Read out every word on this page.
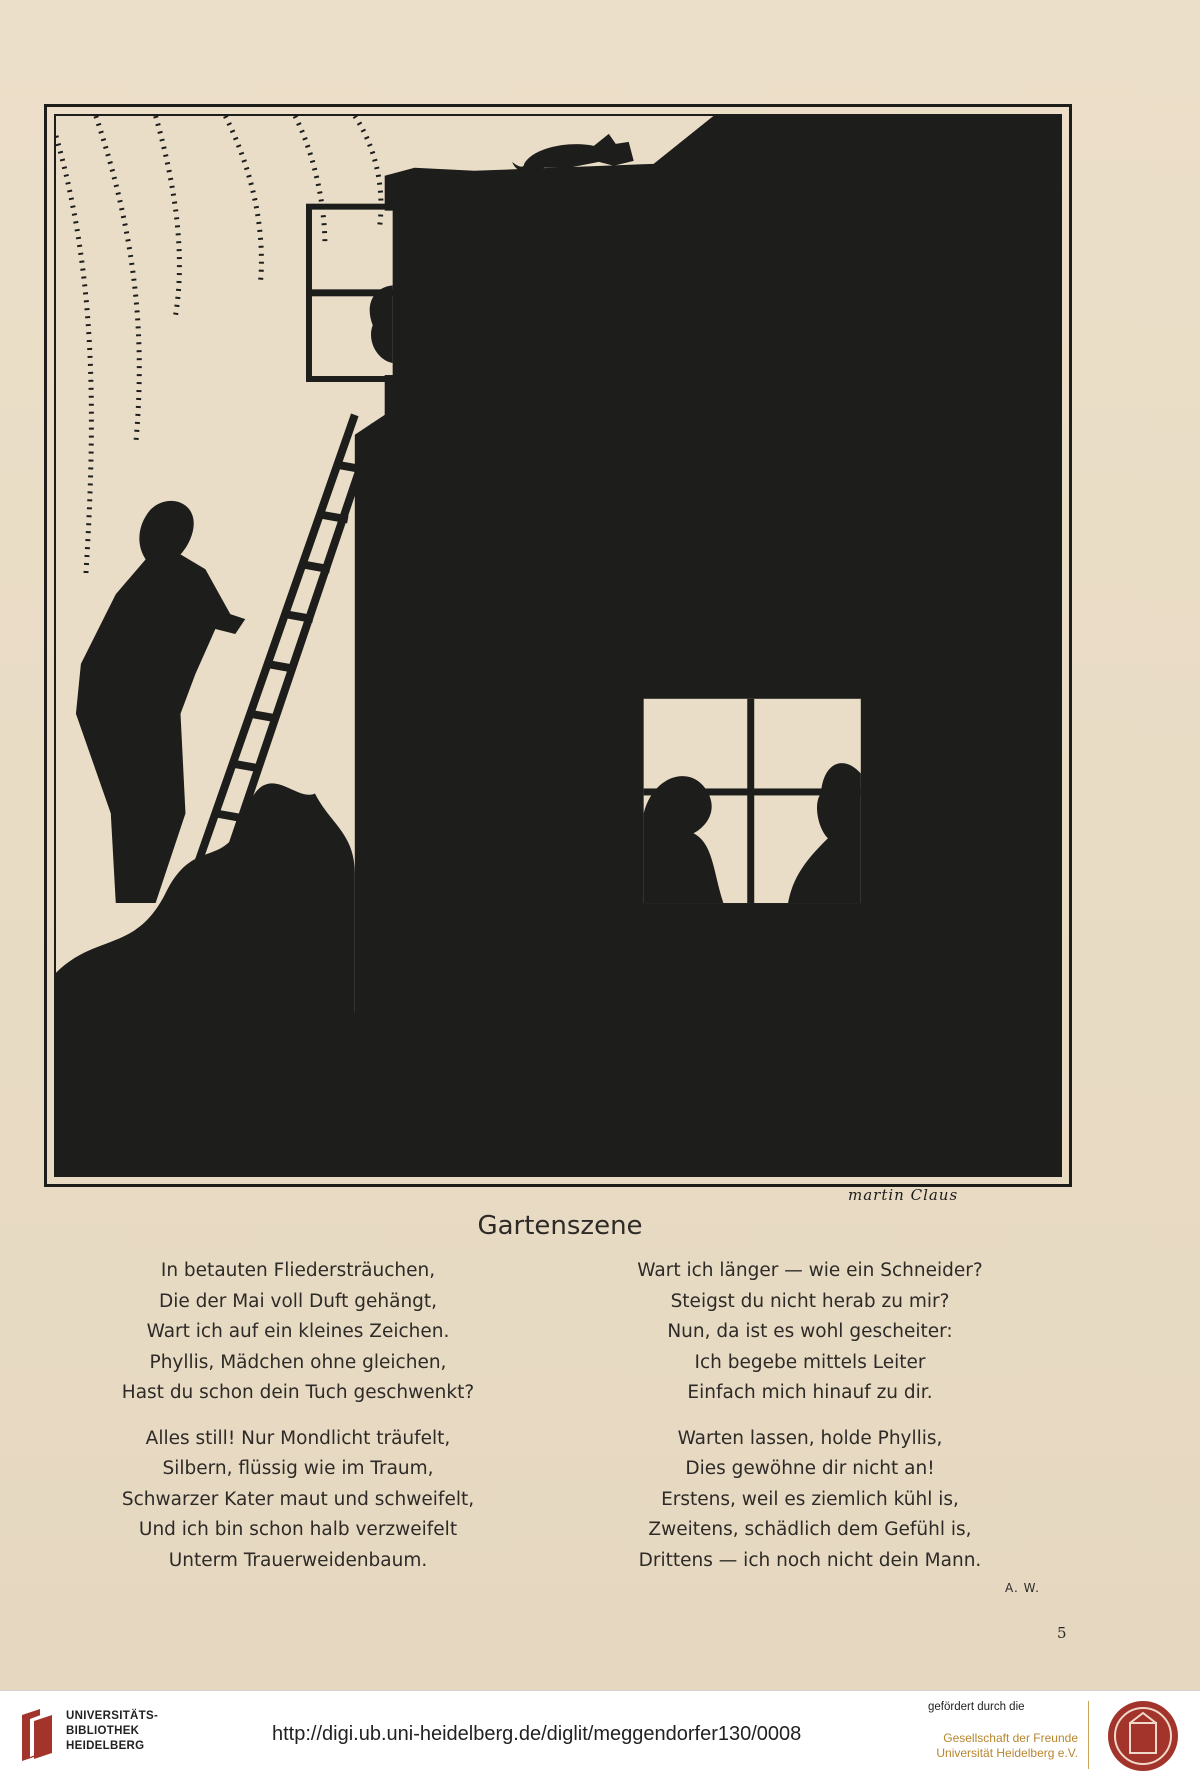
martin Claus
Gartenszene
In betauten Fliedersträuchen,
Die der Mai voll Duft gehängt,
Wart ich auf ein kleines Zeichen.
Phyllis, Mädchen ohne gleichen,
Hast du schon dein Tuch geschwenkt?
Alles still! Nur Mondlicht träufelt,
Silbern, flüssig wie im Traum,
Schwarzer Kater maut und schweifelt,
Und ich bin schon halb verzweifelt
Unterm Trauerweidenbaum.
Wart ich länger — wie ein Schneider?
Steigst du nicht herab zu mir?
Nun, da ist es wohl gescheiter:
Ich begebe mittels Leiter
Einfach mich hinauf zu dir.
Warten lassen, holde Phyllis,
Dies gewöhne dir nicht an!
Erstens, weil es ziemlich kühl is,
Zweitens, schädlich dem Gefühl is,
Drittens — ich noch nicht dein Mann.
A. W.
5
UNIVERSITÄTS-
BIBLIOTHEK
HEIDELBERG
http://digi.ub.uni-heidelberg.de/diglit/meggendorfer130/0008
gefördert durch die
Gesellschaft der Freunde
Universität Heidelberg e.V.
